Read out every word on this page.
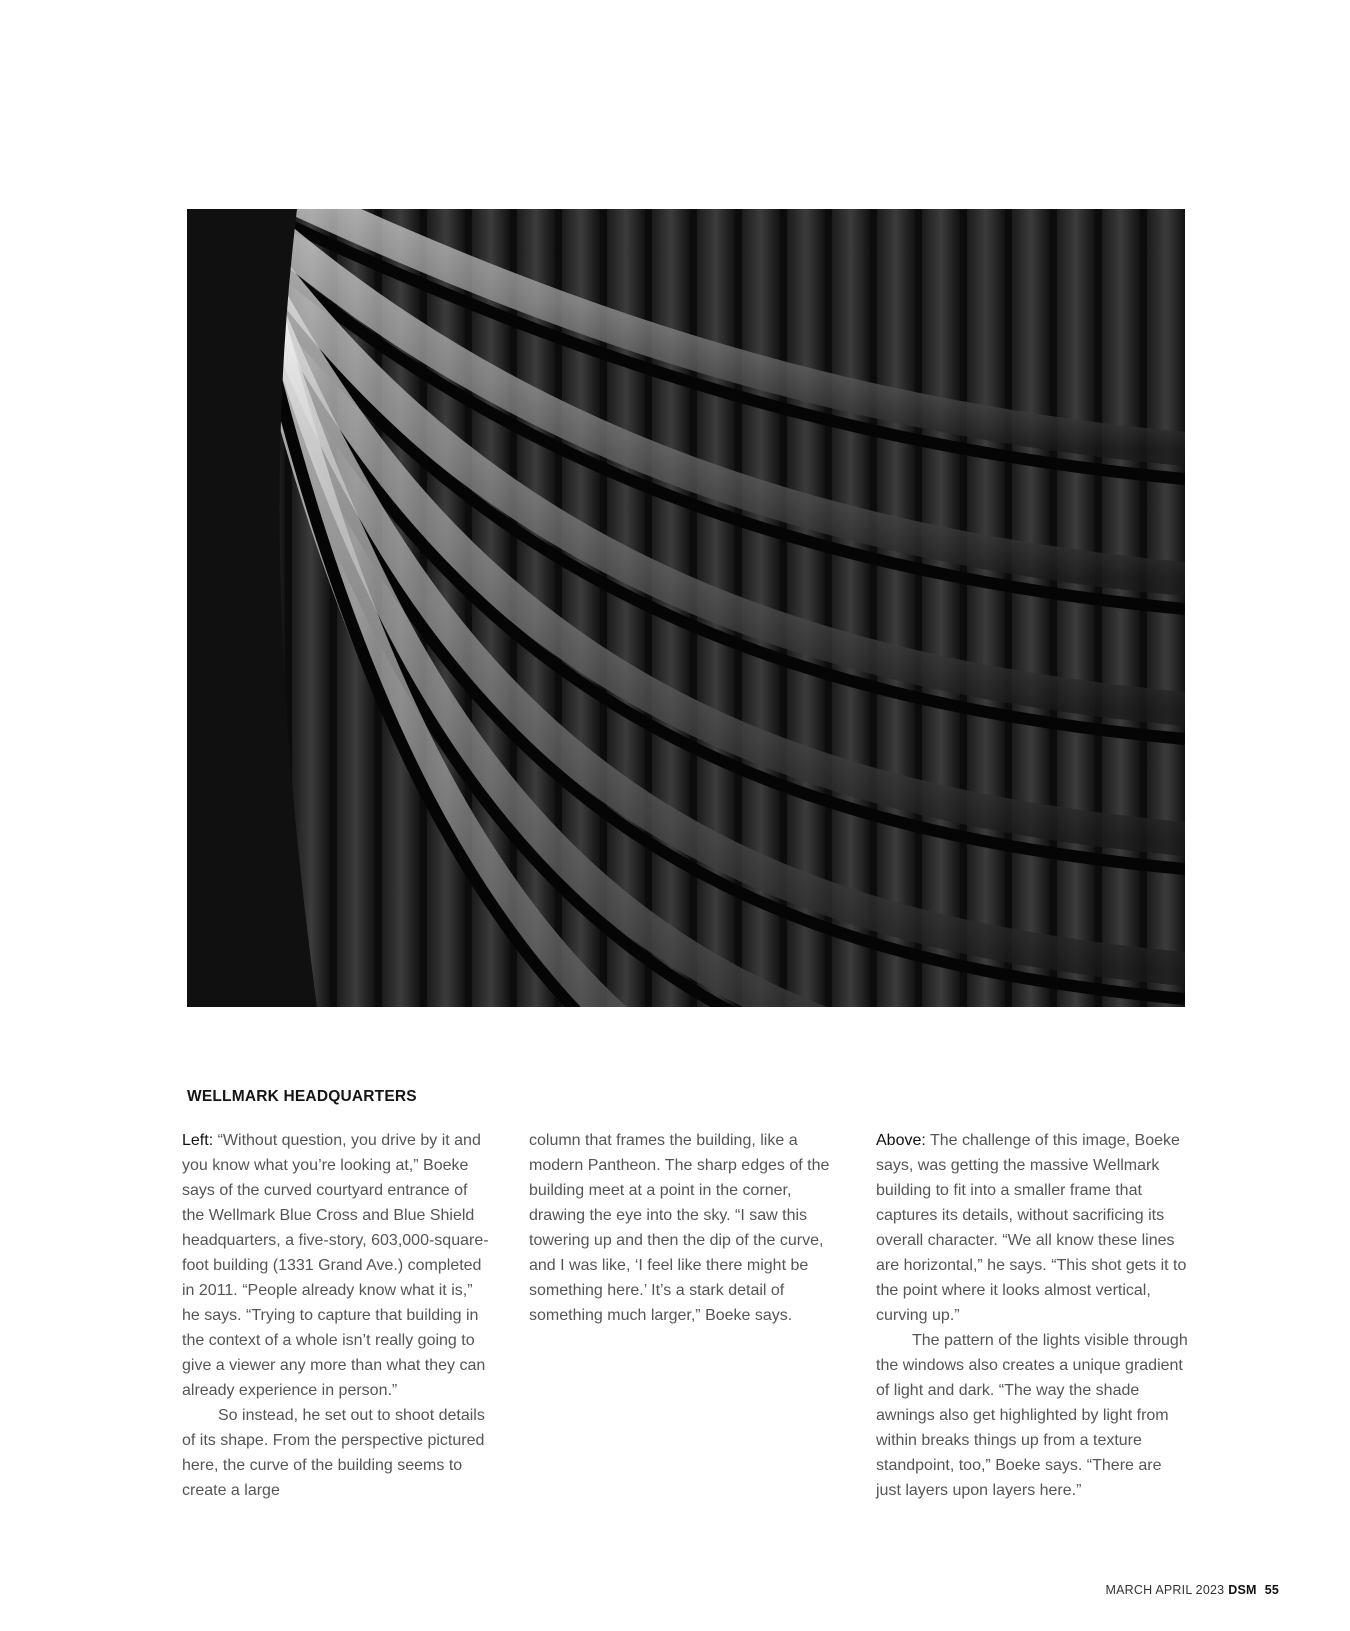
WELLMARK HEADQUARTERS

Left: “Without question, you drive by it and you know what you’re looking at,” Boeke says of the curved courtyard entrance of the Wellmark Blue Cross and Blue Shield headquarters, a five-story, 603,000-square-foot building (1331 Grand Ave.) completed in 2011. “People already know what it is,” he says. “Trying to capture that building in the context of a whole isn’t really going to give a viewer any more than what they can already experience in person.”

So instead, he set out to shoot details of its shape. From the perspective pictured here, the curve of the building seems to create a large

column that frames the building, like a modern Pantheon. The sharp edges of the building meet at a point in the corner, drawing the eye into the sky. “I saw this towering up and then the dip of the curve, and I was like, ‘I feel like there might be something here.’ It’s a stark detail of something much larger,” Boeke says.

Above: The challenge of this image, Boeke says, was getting the massive Wellmark building to fit into a smaller frame that captures its details, without sacrificing its overall character. “We all know these lines are horizontal,” he says. “This shot gets it to the point where it looks almost vertical, curving up.”

The pattern of the lights visible through the windows also creates a unique gradient of light and dark. “The way the shade awnings also get highlighted by light from within breaks things up from a texture standpoint, too,” Boeke says. “There are just layers upon layers here.”

MARCH APRIL 2023 DSM 55
